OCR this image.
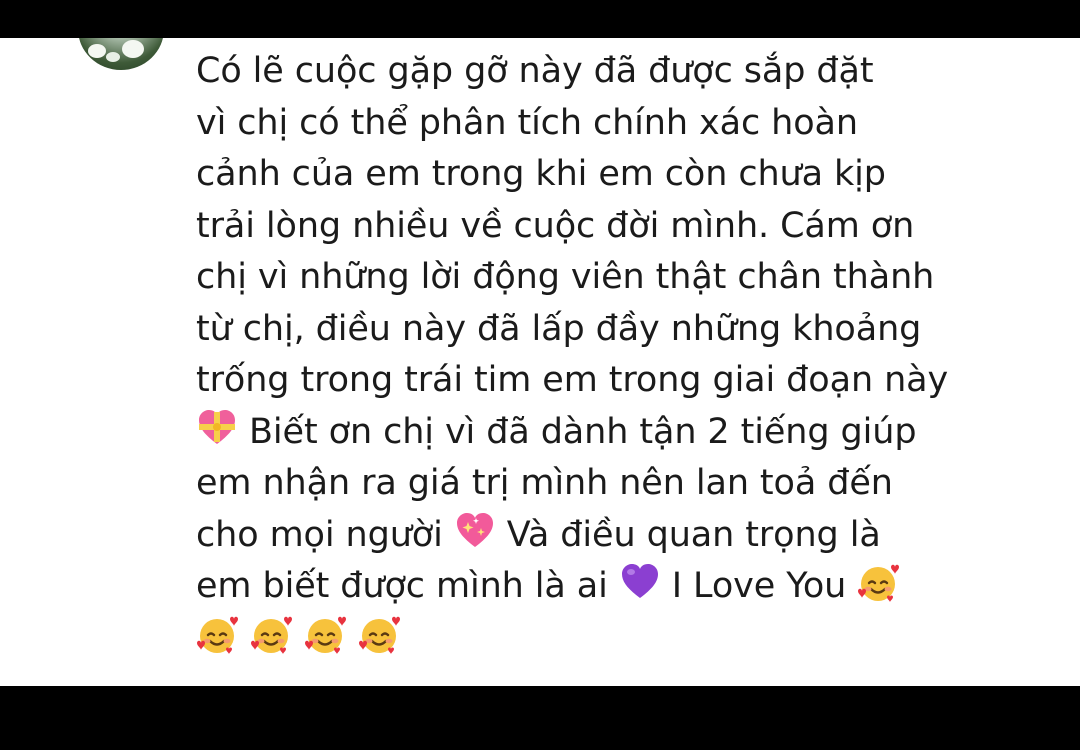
Có lẽ cuộc gặp gỡ này đã được sắp đặt
vì chị có thể phân tích chính xác hoàn
cảnh của em trong khi em còn chưa kịp
trải lòng nhiều về cuộc đời mình. Cám ơn
chị vì những lời động viên thật chân thành
từ chị, điều này đã lấp đầy những khoảng
trống trong trái tim em trong giai đoạn này
Biết ơn chị vì đã dành tận 2 tiếng giúp
em nhận ra giá trị mình nên lan toả đến
cho mọi người
Và điều quan trọng là
em biết được mình là ai
I Love You
